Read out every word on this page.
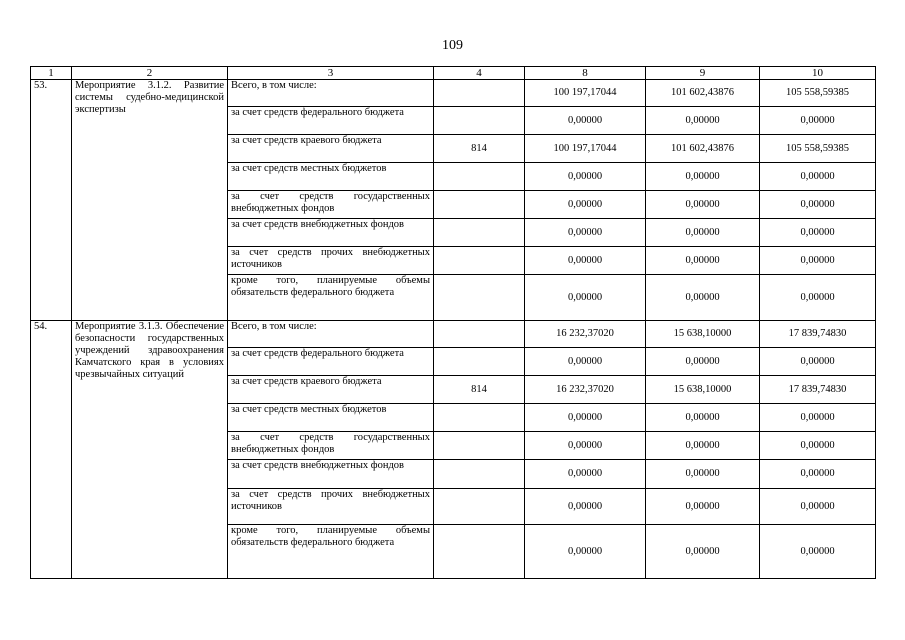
109
1	2	3	4	8	9	10
53.	Мероприятие 3.1.2. Развитие системы судебно-медицинской экспертизы	Всего, в том числе:		100 197,17044	101 602,43876	105 558,59385
		за счет средств федерального бюджета		0,00000	0,00000	0,00000
		за счет средств краевого бюджета	814	100 197,17044	101 602,43876	105 558,59385
		за счет средств местных бюджетов		0,00000	0,00000	0,00000
		за счет средств государственных внебюджетных фондов		0,00000	0,00000	0,00000
		за счет средств внебюджетных фондов		0,00000	0,00000	0,00000
		за счет средств прочих внебюджетных источников		0,00000	0,00000	0,00000
		кроме того, планируемые объемы обязательств федерального бюджета		0,00000	0,00000	0,00000
54.	Мероприятие 3.1.3. Обеспечение безопасности государственных учреждений здравоохранения Камчатского края в условиях чрезвычайных ситуаций	Всего, в том числе:		16 232,37020	15 638,10000	17 839,74830
		за счет средств федерального бюджета		0,00000	0,00000	0,00000
		за счет средств краевого бюджета	814	16 232,37020	15 638,10000	17 839,74830
		за счет средств местных бюджетов		0,00000	0,00000	0,00000
		за счет средств государственных внебюджетных фондов		0,00000	0,00000	0,00000
		за счет средств внебюджетных фондов		0,00000	0,00000	0,00000
		за счет средств прочих внебюджетных источников		0,00000	0,00000	0,00000
		кроме того, планируемые объемы обязательств федерального бюджета		0,00000	0,00000	0,00000
